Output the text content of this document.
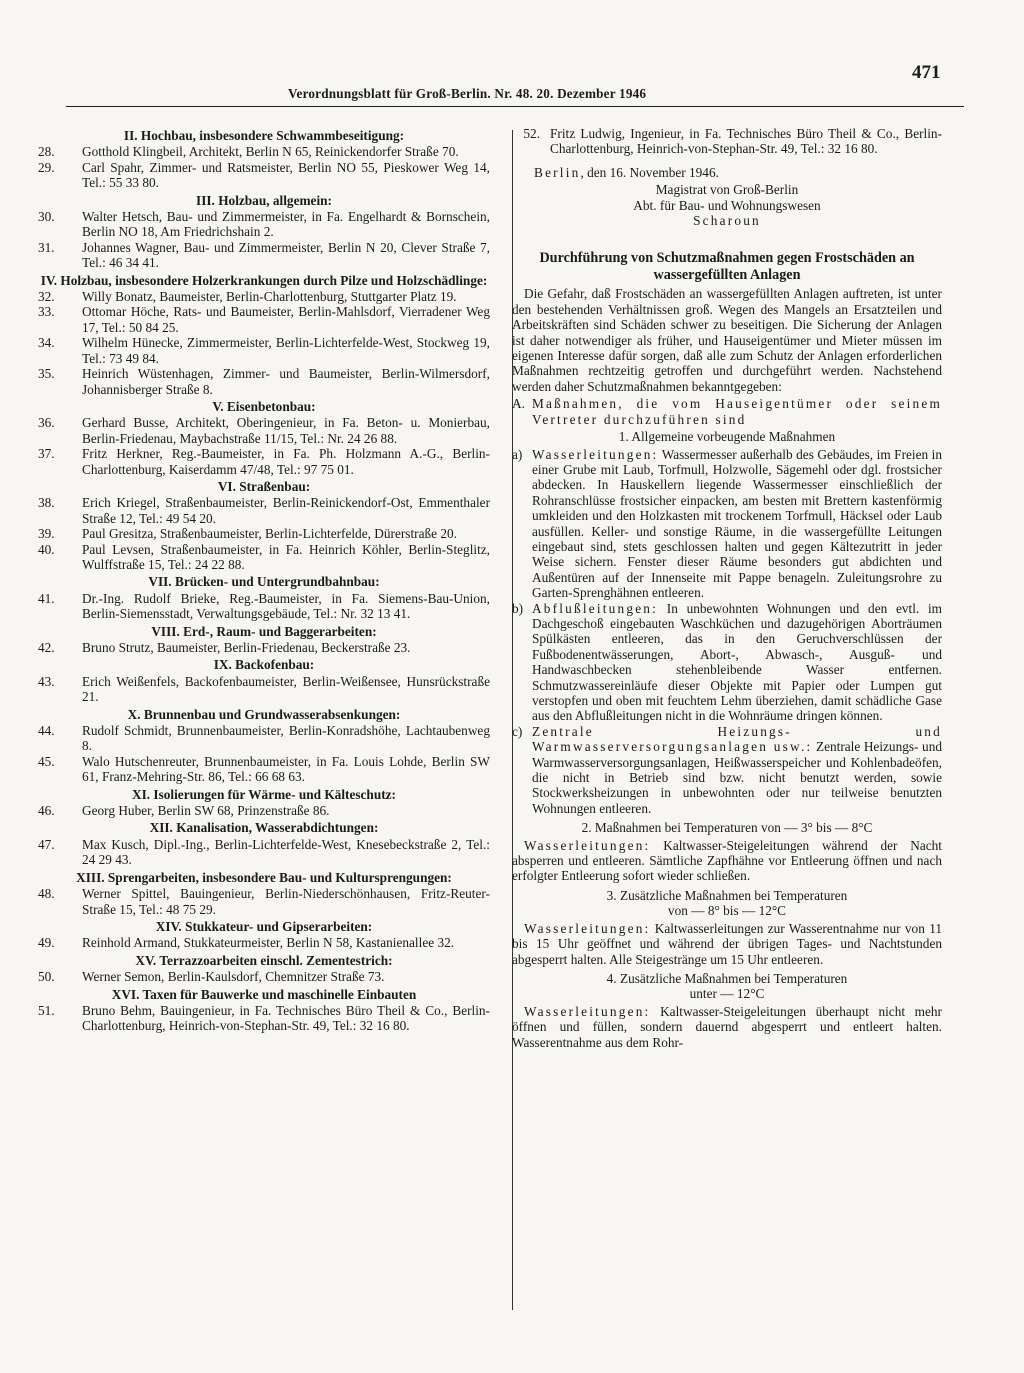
471
Verordnungsblatt für Groß-Berlin. Nr. 48. 20. Dezember 1946
II. Hochbau, insbesondere Schwammbeseitigung:
28.	Gotthold Klingbeil, Architekt, Berlin N 65, Reinickendorfer Straße 70.
29.	Carl Spahr, Zimmer- und Ratsmeister, Berlin NO 55, Pieskower Weg 14, Tel.: 55 33 80.
III. Holzbau, allgemein:
30.	Walter Hetsch, Bau- und Zimmermeister, in Fa. Engelhardt & Bornschein, Berlin NO 18, Am Friedrichshain 2.
31.	Johannes Wagner, Bau- und Zimmermeister, Berlin N 20, Clever Straße 7, Tel.: 46 34 41.
IV. Holzbau, insbesondere Holzerkrankungen durch Pilze und Holzschädlinge:
32.	Willy Bonatz, Baumeister, Berlin-Charlottenburg, Stuttgarter Platz 19.
33.	Ottomar Höche, Rats- und Baumeister, Berlin-Mahlsdorf, Vierradener Weg 17, Tel.: 50 84 25.
34.	Wilhelm Hünecke, Zimmermeister, Berlin-Lichterfelde-West, Stockweg 19, Tel.: 73 49 84.
35.	Heinrich Wüstenhagen, Zimmer- und Baumeister, Berlin-Wilmersdorf, Johannisberger Straße 8.
V. Eisenbetonbau:
36.	Gerhard Busse, Architekt, Oberingenieur, in Fa. Beton- u. Monierbau, Berlin-Friedenau, Maybachstraße 11/15, Tel.: Nr. 24 26 88.
37.	Fritz Herkner, Reg.-Baumeister, in Fa. Ph. Holzmann A.-G., Berlin-Charlottenburg, Kaiserdamm 47/48, Tel.: 97 75 01.
VI. Straßenbau:
38.	Erich Kriegel, Straßenbaumeister, Berlin-Reinickendorf-Ost, Emmenthaler Straße 12, Tel.: 49 54 20.
39.	Paul Gresitza, Straßenbaumeister, Berlin-Lichterfelde, Dürerstraße 20.
40.	Paul Levsen, Straßenbaumeister, in Fa. Heinrich Köhler, Berlin-Steglitz, Wulffstraße 15, Tel.: 24 22 88.
VII. Brücken- und Untergrundbahnbau:
41.	Dr.-Ing. Rudolf Brieke, Reg.-Baumeister, in Fa. Siemens-Bau-Union, Berlin-Siemensstadt, Verwaltungsgebäude, Tel.: Nr. 32 13 41.
VIII. Erd-, Raum- und Baggerarbeiten:
42.	Bruno Strutz, Baumeister, Berlin-Friedenau, Beckerstraße 23.
IX. Backofenbau:
43.	Erich Weißenfels, Backofenbaumeister, Berlin-Weißensee, Hunsrückstraße 21.
X. Brunnenbau und Grundwasserabsenkungen:
44.	Rudolf Schmidt, Brunnenbaumeister, Berlin-Konradshöhe, Lachtaubenweg 8.
45.	Walo Hutschenreuter, Brunnenbaumeister, in Fa. Louis Lohde, Berlin SW 61, Franz-Mehring-Str. 86, Tel.: 66 68 63.
XI. Isolierungen für Wärme- und Kälteschutz:
46.	Georg Huber, Berlin SW 68, Prinzenstraße 86.
XII. Kanalisation, Wasserabdichtungen:
47.	Max Kusch, Dipl.-Ing., Berlin-Lichterfelde-West, Knesebeckstraße 2, Tel.: 24 29 43.
XIII. Sprengarbeiten, insbesondere Bau- und Kultursprengungen:
48.	Werner Spittel, Bauingenieur, Berlin-Niederschönhausen, Fritz-Reuter-Straße 15, Tel.: 48 75 29.
XIV. Stukkateur- und Gipserarbeiten:
49.	Reinhold Armand, Stukkateurmeister, Berlin N 58, Kastanienallee 32.
XV. Terrazzoarbeiten einschl. Zementestrich:
50.	Werner Semon, Berlin-Kaulsdorf, Chemnitzer Straße 73.
XVI. Taxen für Bauwerke und maschinelle Einbauten
51.	Bruno Behm, Bauingenieur, in Fa. Technisches Büro Theil & Co., Berlin-Charlottenburg, Heinrich-von-Stephan-Str. 49, Tel.: 32 16 80.
52. Fritz Ludwig, Ingenieur, in Fa. Technisches Büro Theil & Co., Berlin-Charlottenburg, Heinrich-von-Stephan-Str. 49, Tel.: 32 16 80.
Berlin, den 16. November 1946.
Magistrat von Groß-Berlin
Abt. für Bau- und Wohnungswesen
Scharoun
Durchführung von Schutzmaßnahmen gegen Frostschäden an wassergefüllten Anlagen

Die Gefahr, daß Frostschäden an wassergefüllten Anlagen auftreten, ist unter den bestehenden Verhältnissen groß. Wegen des Mangels an Ersatzteilen und Arbeitskräften sind Schäden schwer zu beseitigen. Die Sicherung der Anlagen ist daher notwendiger als früher, und Hauseigentümer und Mieter müssen im eigenen Interesse dafür sorgen, daß alle zum Schutz der Anlagen erforderlichen Maßnahmen rechtzeitig getroffen und durchgeführt werden. Nachstehend werden daher Schutzmaßnahmen bekanntgegeben:

A. Maßnahmen, die vom Hauseigentümer oder seinem Vertreter durchzuführen sind
1. Allgemeine vorbeugende Maßnahmen
a) Wasserleitungen: Wassermesser außerhalb des Gebäudes, im Freien in einer Grube mit Laub, Torfmull, Holzwolle, Sägemehl oder dgl. frostsicher abdecken. In Hauskellern liegende Wassermesser einschließlich der Rohranschlüsse frostsicher einpacken, am besten mit Brettern kastenförmig umkleiden und den Holzkasten mit trockenem Torfmull, Häcksel oder Laub ausfüllen. Keller- und sonstige Räume, in die wassergefüllte Leitungen eingebaut sind, stets geschlossen halten und gegen Kältezutritt in jeder Weise sichern. Fenster dieser Räume besonders gut abdichten und Außentüren auf der Innenseite mit Pappe benageln. Zuleitungsrohre zu Garten-Sprenghähnen entleeren.
b) Abflußleitungen: In unbewohnten Wohnungen und den evtl. im Dachgeschoß eingebauten Waschküchen und dazugehörigen Aborträumen Spülkästen entleeren, das in den Geruchverschlüssen der Fußbodenentwässerungen, Abort-, Abwasch-, Ausguß- und Handwaschbecken stehenbleibende Wasser entfernen. Schmutzwassereinläufe dieser Objekte mit Papier oder Lumpen gut verstopfen und oben mit feuchtem Lehm überziehen, damit schädliche Gase aus den Abflußleitungen nicht in die Wohnräume dringen können.
c) Zentrale Heizungs- und Warmwasserversorgungsanlagen usw.: Zentrale Heizungs- und Warmwasserversorgungsanlagen, Heißwasserspeicher und Kohlenbadeöfen, die nicht in Betrieb sind bzw. nicht benutzt werden, sowie Stockwerksheizungen in unbewohnten oder nur teilweise benutzten Wohnungen entleeren.
2. Maßnahmen bei Temperaturen von — 3° bis — 8°C

Wasserleitungen: Kaltwasser-Steigeleitungen während der Nacht absperren und entleeren. Sämtliche Zapfhähne vor Entleerung öffnen und nach erfolgter Entleerung sofort wieder schließen.

3. Zusätzliche Maßnahmen bei Temperaturen
von — 8° bis — 12°C

Wasserleitungen: Kaltwasserleitungen zur Wasserentnahme nur von 11 bis 15 Uhr geöffnet und während der übrigen Tages- und Nachtstunden abgesperrt halten. Alle Steigestränge um 15 Uhr entleeren.

4. Zusätzliche Maßnahmen bei Temperaturen
unter — 12°C

Wasserleitungen: Kaltwasser-Steigeleitungen überhaupt nicht mehr öffnen und füllen, sondern dauernd abgesperrt und entleert halten. Wasserentnahme aus dem Rohr-
